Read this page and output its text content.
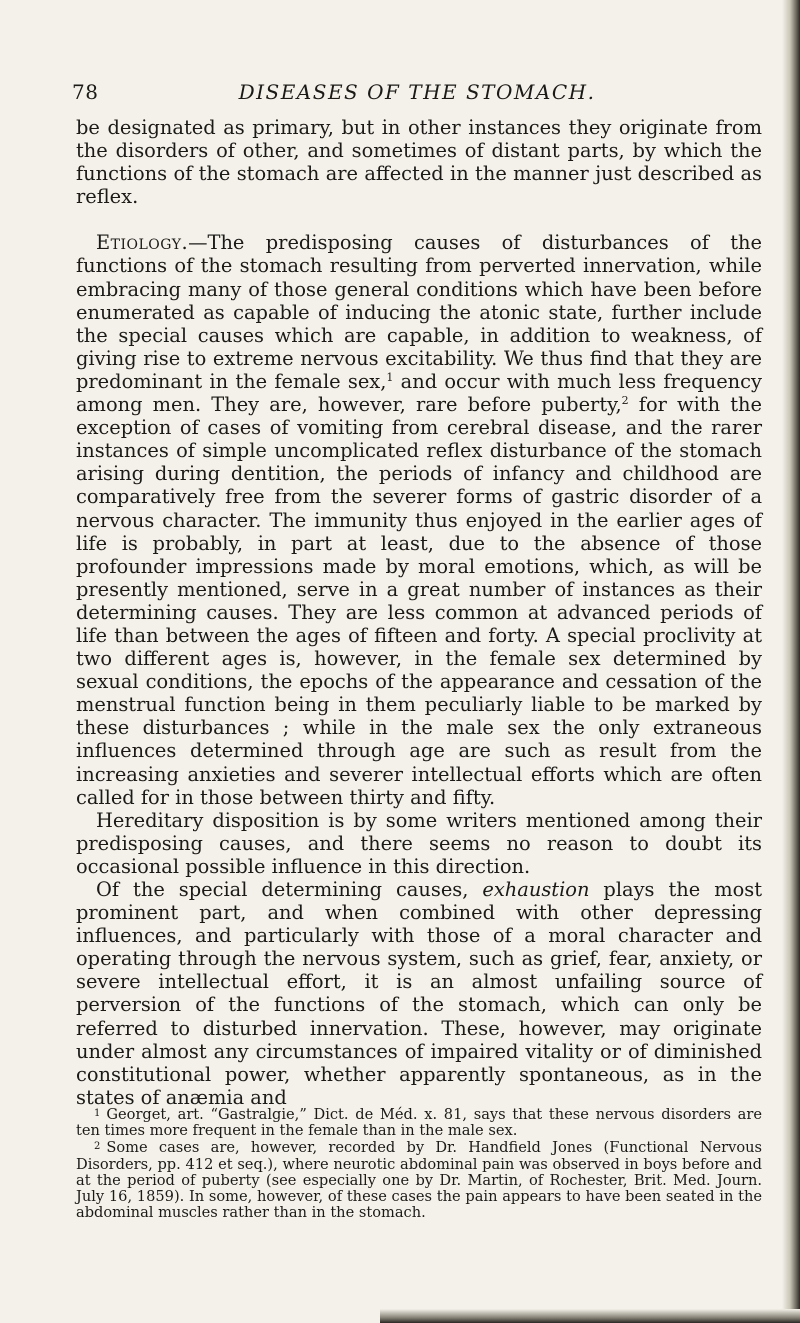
78	DISEASES OF THE STOMACH.

be designated as primary, but in other instances they originate from the disorders of other, and sometimes of distant parts, by which the functions of the stomach are affected in the manner just described as reflex.

Etiology.—The predisposing causes of disturbances of the functions of the stomach resulting from perverted innervation, while embracing many of those general conditions which have been before enumerated as capable of inducing the atonic state, further include the special causes which are capable, in addition to weakness, of giving rise to extreme nervous excitability. We thus find that they are predominant in the female sex,$^1$ and occur with much less frequency among men. They are, however, rare before puberty,$^2$ for with the exception of cases of vomiting from cerebral disease, and the rarer instances of simple uncomplicated reflex disturbance of the stomach arising during dentition, the periods of infancy and childhood are comparatively free from the severer forms of gastric disorder of a nervous character. The immunity thus enjoyed in the earlier ages of life is probably, in part at least, due to the absence of those profounder impressions made by moral emotions, which, as will be presently mentioned, serve in a great number of instances as their determining causes. They are less common at advanced periods of life than between the ages of fifteen and forty. A special proclivity at two different ages is, however, in the female sex determined by sexual conditions, the epochs of the appearance and cessation of the menstrual function being in them peculiarly liable to be marked by these disturbances ; while in the male sex the only extraneous influences determined through age are such as result from the increasing anxieties and severer intellectual efforts which are often called for in those between thirty and fifty.

Hereditary disposition is by some writers mentioned among their predisposing causes, and there seems no reason to doubt its occasional possible influence in this direction.

Of the special determining causes, exhaustion plays the most prominent part, and when combined with other depressing influences, and particularly with those of a moral character and operating through the nervous system, such as grief, fear, anxiety, or severe intellectual effort, it is an almost unfailing source of perversion of the functions of the stomach, which can only be referred to disturbed innervation. These, however, may originate under almost any circumstances of impaired vitality or of diminished constitutional power, whether apparently spontaneous, as in the states of anæmia and

$^1$ Georget, art. “Gastralgie,” Dict. de Méd. x. 81, says that these nervous disorders are ten times more frequent in the female than in the male sex.

$^2$ Some cases are, however, recorded by Dr. Handfield Jones (Functional Nervous Disorders, pp. 412 et seq.), where neurotic abdominal pain was observed in boys before and at the period of puberty (see especially one by Dr. Martin, of Rochester, Brit. Med. Journ. July 16, 1859). In some, however, of these cases the pain appears to have been seated in the abdominal muscles rather than in the stomach.
